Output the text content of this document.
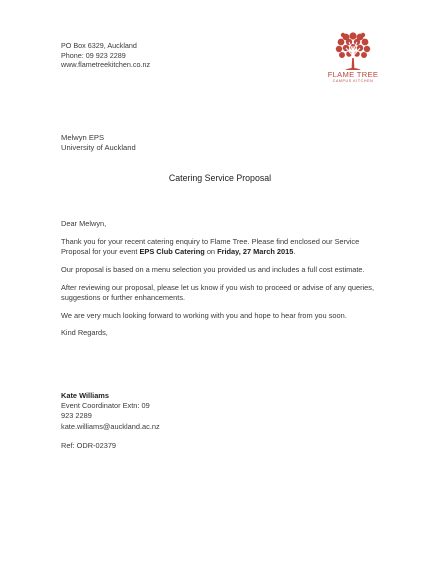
PO Box 6329, Auckland
Phone: 09 923 2289
www.flametreekitchen.co.nz
FLAME TREE
CAMPUS KITCHEN
Melwyn EPS
University of Auckland
Catering Service Proposal

Dear Melwyn,

Thank you for your recent catering enquiry to Flame Tree. Please find enclosed our Service Proposal for your event EPS Club Catering on Friday, 27 March 2015.

Our proposal is based on a menu selection you provided us and includes a full cost estimate.

After reviewing our proposal, please let us know if you wish to proceed or advise of any queries, suggestions or further enhancements.

We are very much looking forward to working with you and hope to hear from you soon.

Kind Regards,

Kate Williams
Event Coordinator Extn: 09
923 2289
kate.williams@auckland.ac.nz
Ref: ODR-02379
